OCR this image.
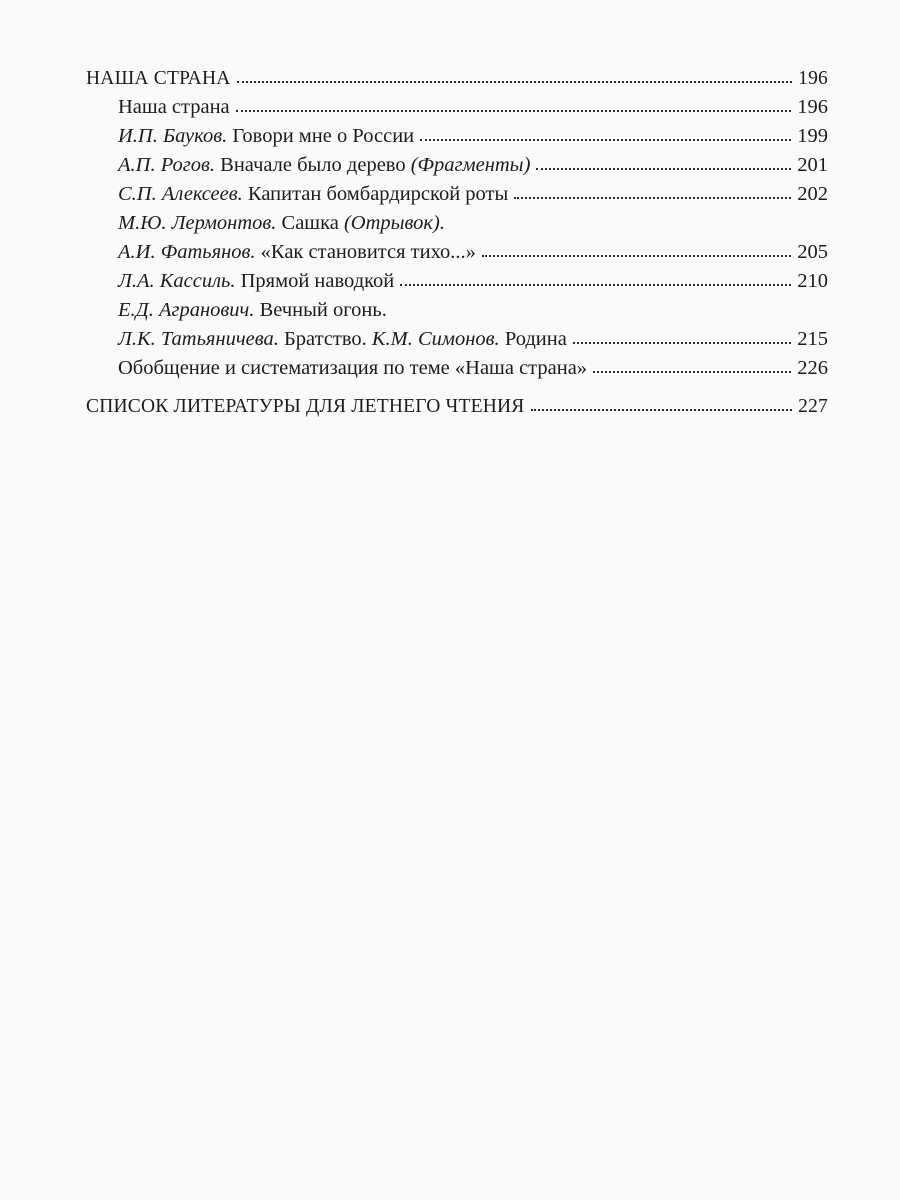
НАША СТРАНА	196
Наша страна	196
И.П. Бауков. Говори мне о России	199
А.П. Рогов. Вначале было дерево (Фрагменты)	201
С.П. Алексеев. Капитан бомбардирской роты	202
М.Ю. Лермонтов. Сашка (Отрывок).
А.И. Фатьянов. «Как становится тихо...»	205
Л.А. Кассиль. Прямой наводкой	210
Е.Д. Агранович. Вечный огонь.
Л.К. Татьяничева. Братство. К.М. Симонов. Родина	215
Обобщение и систематизация по теме «Наша страна»	226
СПИСОК ЛИТЕРАТУРЫ ДЛЯ ЛЕТНЕГО ЧТЕНИЯ	227
